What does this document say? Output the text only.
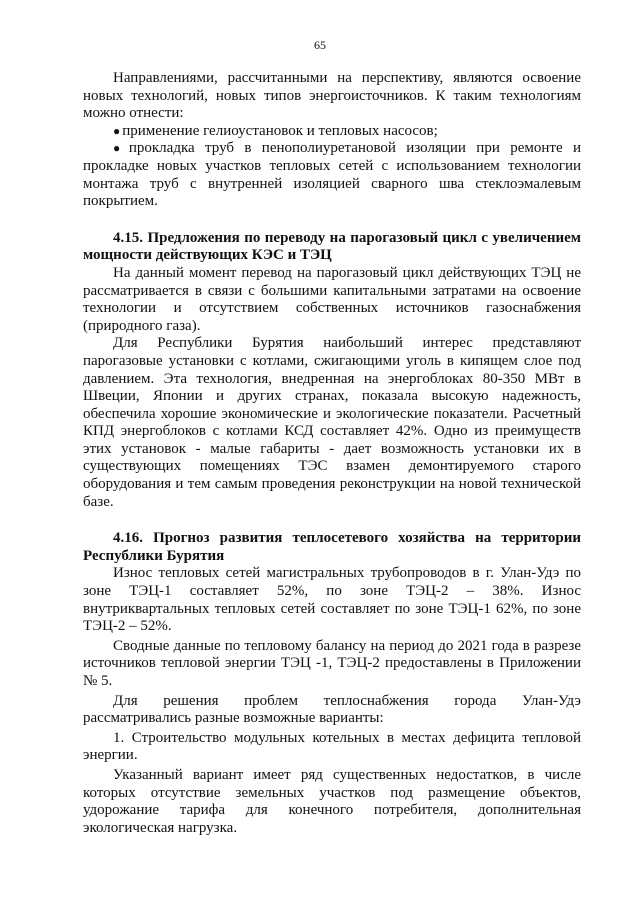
65

Направлениями, рассчитанными на перспективу, являются освоение новых технологий, новых типов энергоисточников. К таким технологиям можно отнести:

● применение гелиоустановок и тепловых насосов;

● прокладка труб в пенополиуретановой изоляции при ремонте и прокладке новых участков тепловых сетей с использованием технологии монтажа труб с внутренней изоляцией сварного шва стеклоэмалевым покрытием.

4.15. Предложения по переводу на парогазовый цикл с увеличением мощности действующих КЭС и ТЭЦ

На данный момент перевод на парогазовый цикл действующих ТЭЦ не рассматривается в связи с большими капитальными затратами на освоение технологии и отсутствием собственных источников газоснабжения (природного газа).

Для Республики Бурятия наибольший интерес представляют парогазовые установки с котлами, сжигающими уголь в кипящем слое под давлением. Эта технология, внедренная на энергоблоках 80-350 МВт в Швеции, Японии и других странах, показала высокую надежность, обеспечила хорошие экономические и экологические показатели. Расчетный КПД энергоблоков с котлами КСД составляет 42%. Одно из преимуществ этих установок - малые габариты - дает возможность установки их в существующих помещениях ТЭС взамен демонтируемого старого оборудования и тем самым проведения реконструкции на новой технической базе.

4.16. Прогноз развития теплосетевого хозяйства на территории Республики Бурятия

Износ тепловых сетей магистральных трубопроводов в г. Улан-Удэ по зоне ТЭЦ-1 составляет 52%, по зоне ТЭЦ-2 – 38%. Износ внутриквартальных тепловых сетей составляет по зоне ТЭЦ-1 62%, по зоне ТЭЦ-2 – 52%.

Сводные данные по тепловому балансу на период до 2021 года в разрезе источников тепловой энергии ТЭЦ -1, ТЭЦ-2 предоставлены в Приложении № 5.

Для решения проблем теплоснабжения города Улан-Удэ рассматривались разные возможные варианты:

1. Строительство модульных котельных в местах дефицита тепловой энергии.

Указанный вариант имеет ряд существенных недостатков, в числе которых отсутствие земельных участков под размещение объектов, удорожание тарифа для конечного потребителя, дополнительная экологическая нагрузка.
